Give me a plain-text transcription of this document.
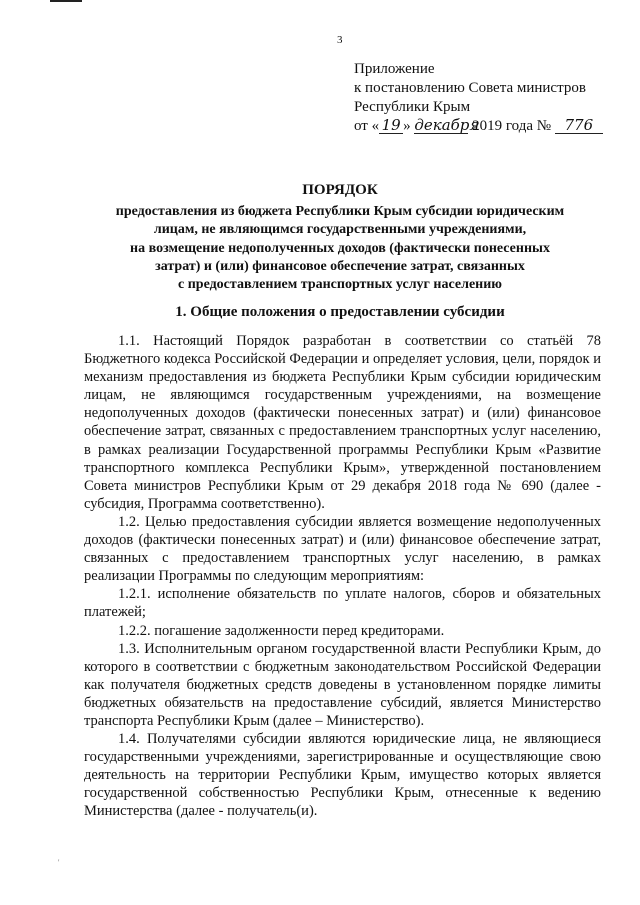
3
Приложение
к постановлению Совета министров
Республики Крым
от « 19 » декабря 2019 года № 776
ПОРЯДОК
предоставления из бюджета Республики Крым субсидии юридическим
лицам, не являющимся государственными учреждениями,
на возмещение недополученных доходов (фактически понесенных
затрат) и (или) финансовое обеспечение затрат, связанных
с предоставлением транспортных услуг населению
1. Общие положения о предоставлении субсидии

1.1. Настоящий Порядок разработан в соответствии со статьёй 78 Бюджетного кодекса Российской Федерации и определяет условия, цели, порядок и механизм предоставления из бюджета Республики Крым субсидии юридическим лицам, не являющимся государственным учреждениями, на возмещение недополученных доходов (фактически понесенных затрат) и (или) финансовое обеспечение затрат, связанных с предоставлением транспортных услуг населению, в рамках реализации Государственной программы Республики Крым «Развитие транспортного комплекса Республики Крым», утвержденной постановлением Совета министров Республики Крым от 29 декабря 2018 года № 690 (далее - субсидия, Программа соответственно).

1.2. Целью предоставления субсидии является возмещение недополученных доходов (фактически понесенных затрат) и (или) финансовое обеспечение затрат, связанных с предоставлением транспортных услуг населению, в рамках реализации Программы по следующим мероприятиям:

1.2.1. исполнение обязательств по уплате налогов, сборов и обязательных платежей;

1.2.2. погашение задолженности перед кредиторами.

1.3. Исполнительным органом государственной власти Республики Крым, до которого в соответствии с бюджетным законодательством Российской Федерации как получателя бюджетных средств доведены в установленном порядке лимиты бюджетных обязательств на предоставление субсидий, является Министерство транспорта Республики Крым (далее – Министерство).

1.4. Получателями субсидии являются юридические лица, не являющиеся государственными учреждениями, зарегистрированные и осуществляющие свою деятельность на территории Республики Крым, имущество которых является государственной собственностью Республики Крым, отнесенные к ведению Министерства (далее - получатель(и).

'
